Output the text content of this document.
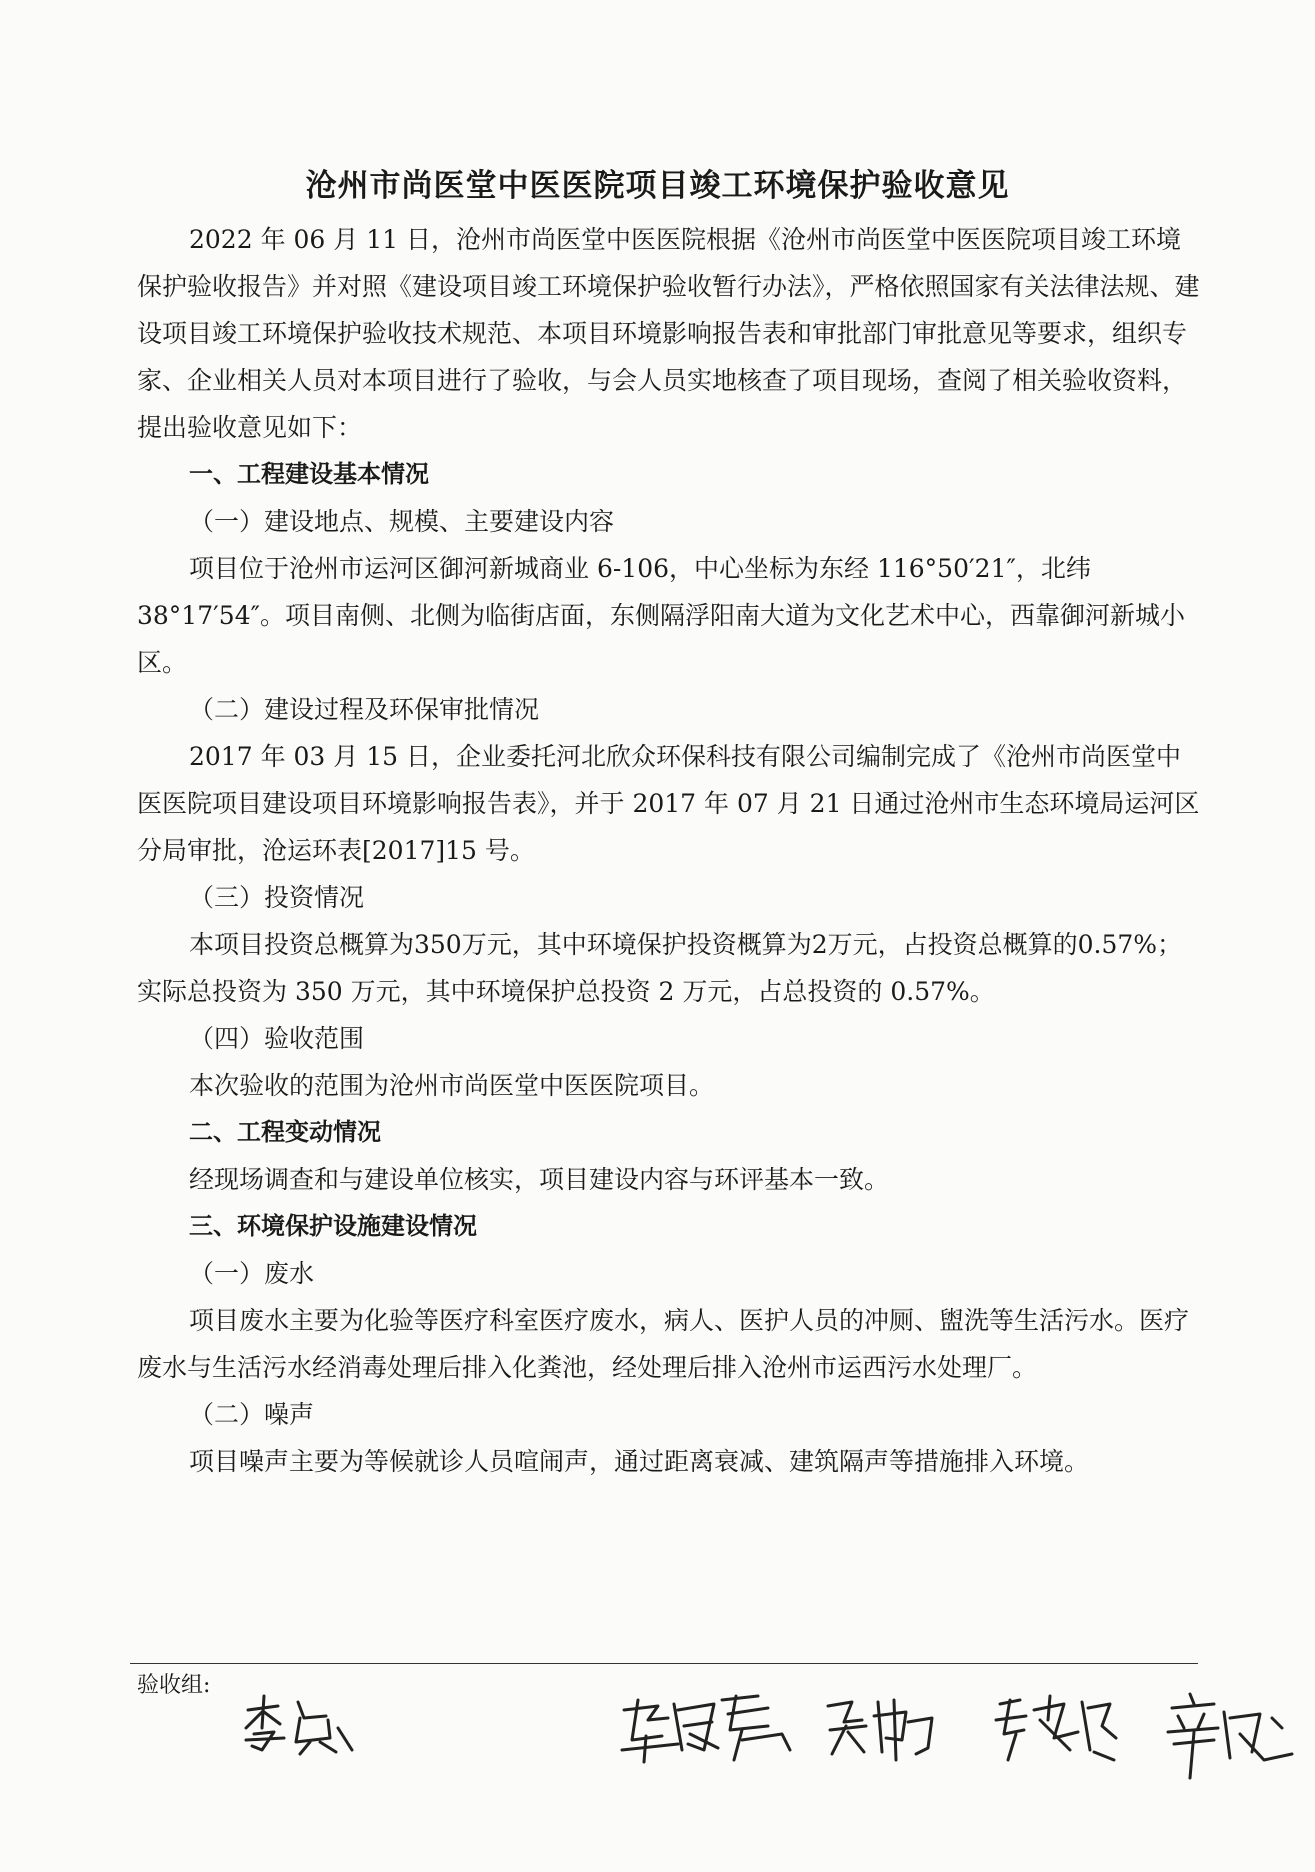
沧州市尚医堂中医医院项目竣工环境保护验收意见

2022 年 06 月 11 日，沧州市尚医堂中医医院根据《沧州市尚医堂中医医院项目竣工环境保护验收报告》并对照《建设项目竣工环境保护验收暂行办法》，严格依照国家有关法律法规、建设项目竣工环境保护验收技术规范、本项目环境影响报告表和审批部门审批意见等要求，组织专家、企业相关人员对本项目进行了验收，与会人员实地核查了项目现场，查阅了相关验收资料，提出验收意见如下：

一、工程建设基本情况

（一）建设地点、规模、主要建设内容

项目位于沧州市运河区御河新城商业 6-106，中心坐标为东经 116°50′21″，北纬 38°17′54″。项目南侧、北侧为临街店面，东侧隔浮阳南大道为文化艺术中心，西靠御河新城小区。

（二）建设过程及环保审批情况

2017 年 03 月 15 日，企业委托河北欣众环保科技有限公司编制完成了《沧州市尚医堂中医医院项目建设项目环境影响报告表》，并于 2017 年 07 月 21 日通过沧州市生态环境局运河区分局审批，沧运环表[2017]15 号。

（三）投资情况

本项目投资总概算为350万元，其中环境保护投资概算为2万元，占投资总概算的0.57%；实际总投资为 350 万元，其中环境保护总投资 2 万元，占总投资的 0.57%。

（四）验收范围

本次验收的范围为沧州市尚医堂中医医院项目。

二、工程变动情况

经现场调查和与建设单位核实，项目建设内容与环评基本一致。

三、环境保护设施建设情况

（一）废水

项目废水主要为化验等医疗科室医疗废水，病人、医护人员的冲厕、盥洗等生活污水。医疗废水与生活污水经消毒处理后排入化粪池，经处理后排入沧州市运西污水处理厂。

（二）噪声

项目噪声主要为等候就诊人员喧闹声，通过距离衰减、建筑隔声等措施排入环境。

验收组:
